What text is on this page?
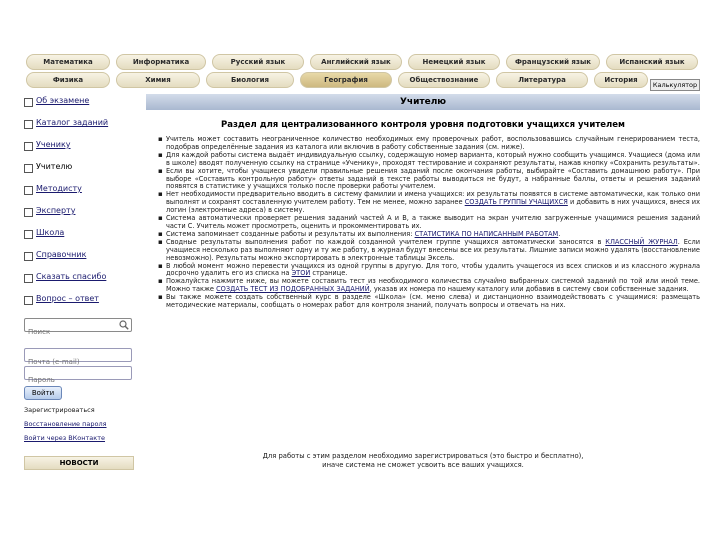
Математика	Информатика	Русский язык	Английский язык	Немецкий язык	Французский язык	Испанский язык
Физика	Химия	Биология	География	Обществознание	Литература	История
Калькулятор
Об экзамене
Каталог заданий
Ученику
Учителю
Методисту
Эксперту
Школа
Справочник
Сказать спасибо
Вопрос – ответ
Поиск
Почта (e-mail)
Войти
Зарегистрироваться
Восстановление пароля
Войти через ВКонтакте
НОВОСТИ
Учителю
Раздел для централизованного контроля уровня подготовки учащихся учителем
▪ Учитель может составить неограниченное количество необходимых ему проверочных работ, воспользовавшись случайным генерированием теста, подобрав определённые задания из каталога или включив в работу собственные задания (см. ниже).
▪ Для каждой работы система выдаёт индивидуальную ссылку, содержащую номер варианта, который нужно сообщить учащимся. Учащиеся (дома или в школе) вводят полученную ссылку на странице «Ученику», проходят тестирование и сохраняют результаты, нажав кнопку «Сохранить результаты».
▪ Если вы хотите, чтобы учащиеся увидели правильные решения заданий после окончания работы, выбирайте «Составить домашнюю работу». При выборе «Составить контрольную работу» ответы заданий в тексте работы выводиться не будут, а набранные баллы, ответы и решения заданий появятся в статистике у учащихся только после проверки работы учителем.
▪ Нет необходимости предварительно вводить в систему фамилии и имена учащихся: их результаты появятся в системе автоматически, как только они выполнят и сохранят составленную учителем работу. Тем не менее, можно заранее СОЗДАТЬ ГРУППЫ УЧАЩИХСЯ и добавить в них учащихся, внеся их логин (электронные адреса) в систему.
▪ Система автоматически проверяет решения заданий частей А и В, а также выводит на экран учителю загруженные учащимися решения заданий части С. Учитель может просмотреть, оценить и прокомментировать их.
▪ Система запоминает созданные работы и результаты их выполнения: СТАТИСТИКА ПО НАПИСАННЫМ РАБОТАМ.
▪ Сводные результаты выполнения работ по каждой созданной учителем группе учащихся автоматически заносятся в КЛАССНЫЙ ЖУРНАЛ. Если учащиеся несколько раз выполняют одну и ту же работу, в журнал будут внесены все их результаты. Лишние записи можно удалять (восстановление невозможно). Результаты можно экспортировать в электронные таблицы Эксель.
▪ В любой момент можно перевести учащихся из одной группы в другую. Для того, чтобы удалить учащегося из всех списков и из классного журнала досрочно удалить его из списка на ЭТОЙ странице.
▪ Пожалуйста нажмите ниже, вы можете составить тест из необходимого количества случайно выбранных системой заданий по той или иной теме. Можно также СОЗДАТЬ ТЕСТ ИЗ ПОДОБРАННЫХ ЗАДАНИЙ, указав их номера по нашему каталогу или добавив в систему свои собственные задания.
▪ Вы также можете создать собственный курс в разделе «Школа» (см. меню слева) и дистанционно взаимодействовать с учащимися: размещать методические материалы, сообщать о номерах работ для контроля знаний, получать вопросы и отвечать на них.
Для работы с этим разделом необходимо зарегистрироваться (это быстро и бесплатно),
иначе система не сможет усвоить все ваших учащихся.
